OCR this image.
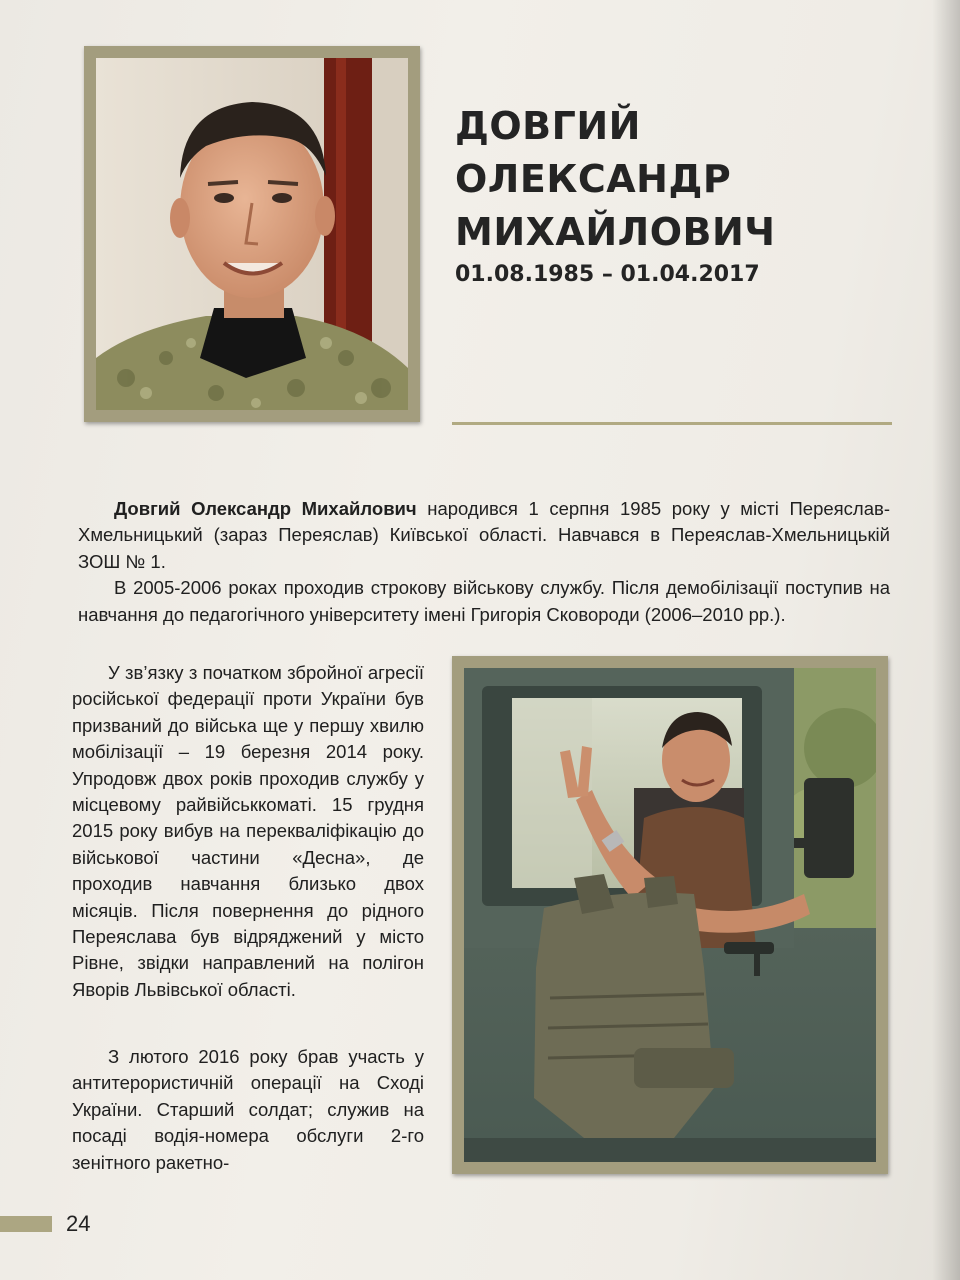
ДОВГИЙ
ОЛЕКСАНДР
МИХАЙЛОВИЧ
01.08.1985 – 01.04.2017

Довгий Олександр Михайлович народився 1 серпня 1985 року у місті Переяслав-Хмельницький (зараз Переяслав) Київської області. Навчався в Переяслав-Хмельницькій ЗОШ № 1.

В 2005-2006 роках проходив строкову військову службу. Після демобілізації поступив на навчання до педагогічного університету імені Григорія Сковороди (2006–2010 рр.).

У зв’язку з початком збройної агресії російської федерації проти України був призваний до війська ще у першу хвилю мобілізації – 19 березня 2014 року. Упродовж двох років проходив службу у місцевому райвійськкоматі. 15 грудня 2015 року вибув на перекваліфікацію до військової частини «Десна», де проходив навчання близько двох місяців. Після повернення до рідного Переяслава був відряджений у місто Рівне, звідки направлений на полігон Яворів Львівської області.

З лютого 2016 року брав участь у антитерористичній операції на Сході України. Старший солдат; служив на посаді водія-номера обслуги 2-го зенітного ракетно-

24
